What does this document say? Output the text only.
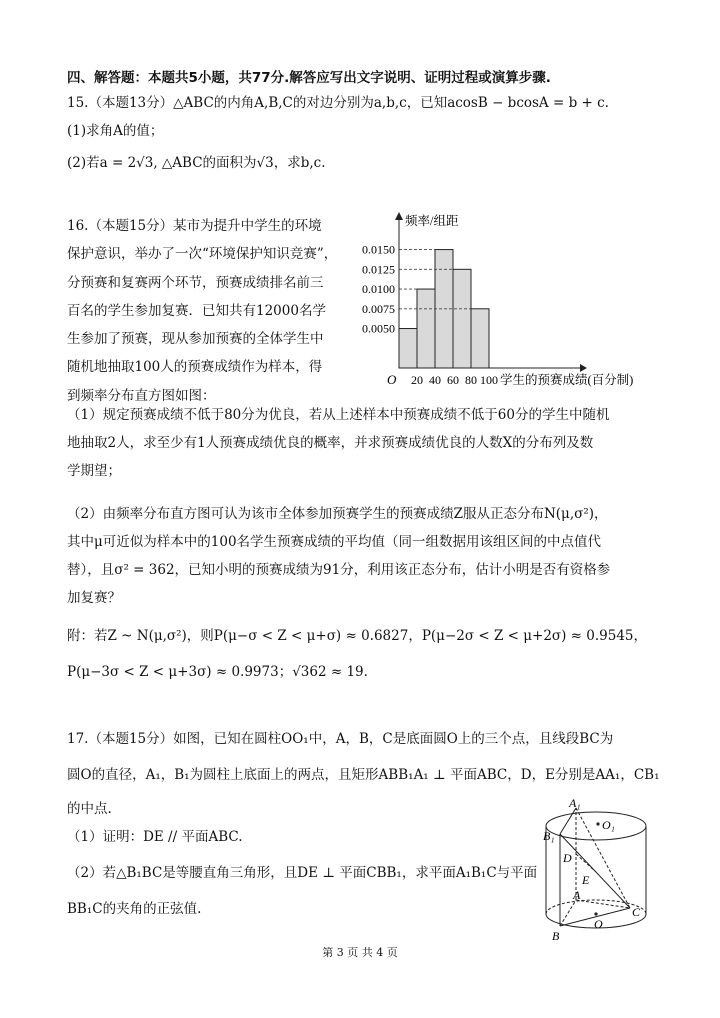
四、解答题：本题共5小题，共77分.解答应写出文字说明、证明过程或演算步骤.
15.（本题13分）△ABC的内角A,B,C的对边分别为a,b,c，已知acosB − bcosA = b + c.
(1)求角A的值；
(2)若a = 2√3, △ABC的面积为√3，求b,c.
16.（本题15分）某市为提升中学生的环境
保护意识，举办了一次“环境保护知识竞赛”，
分预赛和复赛两个环节，预赛成绩排名前三
百名的学生参加复赛．已知共有12000名学
生参加了预赛，现从参加预赛的全体学生中
随机地抽取100人的预赛成绩作为样本，得
到频率分布直方图如图：
0.0050
0.0075
0.0100
0.0125
0.0150
20 40 60 80 100
O
频率/组距
学生的预赛成绩(百分制)
（1）规定预赛成绩不低于80分为优良，若从上述样本中预赛成绩不低于60分的学生中随机
地抽取2人，求至少有1人预赛成绩优良的概率，并求预赛成绩优良的人数X的分布列及数
学期望；
（2）由频率分布直方图可认为该市全体参加预赛学生的预赛成绩Z服从正态分布N(μ,σ²)，
其中μ可近似为样本中的100名学生预赛成绩的平均值（同一组数据用该组区间的中点值代
替），且σ² = 362，已知小明的预赛成绩为91分，利用该正态分布，估计小明是否有资格参
加复赛？
附：若Z ~ N(μ,σ²)，则P(μ−σ < Z < μ+σ) ≈ 0.6827，P(μ−2σ < Z < μ+2σ) ≈ 0.9545，
P(μ−3σ < Z < μ+3σ) ≈ 0.9973；√362 ≈ 19.
17.（本题15分）如图，已知在圆柱OO₁中，A，B，C是底面圆O上的三个点，且线段BC为
圆O的直径，A₁，B₁为圆柱上底面上的两点，且矩形ABB₁A₁ ⊥ 平面ABC，D，E分别是AA₁，CB₁
的中点.
（1）证明：DE // 平面ABC.
（2）若△B₁BC是等腰直角三角形，且DE ⊥ 平面CBB₁，求平面A₁B₁C与平面
BB₁C的夹角的正弦值.
A₁
B₁
O₁
D
E
A
O
C
B
第 3 页 共 4 页
